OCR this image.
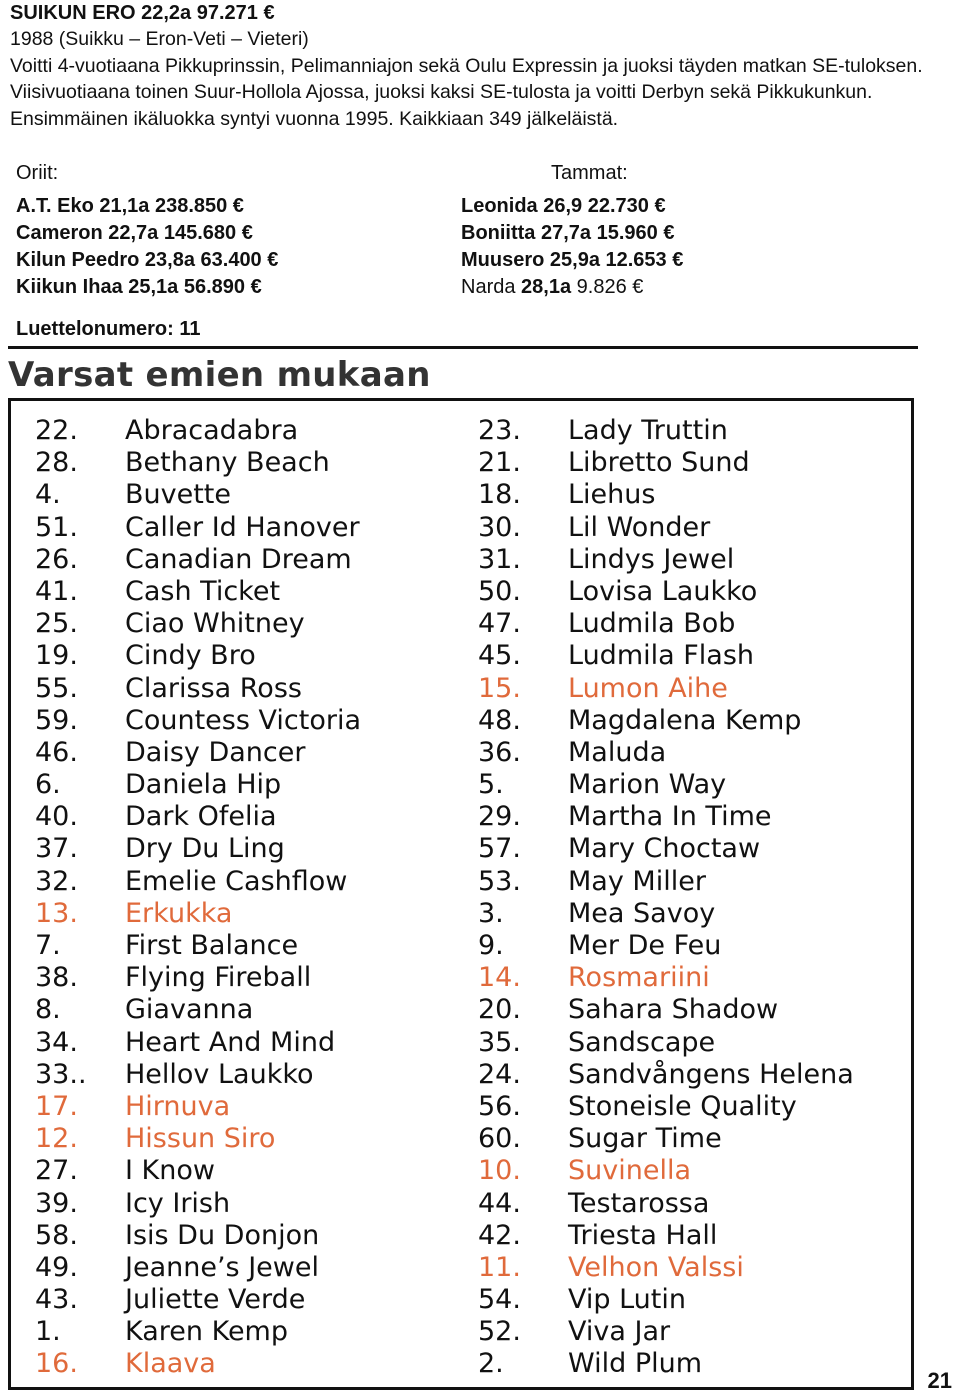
SUIKUN ERO 22,2a 97.271 €

1988 (Suikku – Eron-Veti – Vieteri)

Voitti 4-vuotiaana Pikkuprinssin, Pelimanniajon sekä Oulu Expressin ja juoksi täyden matkan SE-tuloksen. Viisivuotiaana toinen Suur-Hollola Ajossa, juoksi kaksi SE-tulosta ja voitti Derbyn sekä Pikkukunkun. Ensimmäinen ikäluokka syntyi vuonna 1995. Kaikkiaan 349 jälkeläistä.

Oriit:

A.T. Eko 21,1a 238.850 €

Cameron 22,7a 145.680 €

Kilun Peedro 23,8a 63.400 €

Kiikun Ihaa 25,1a 56.890 €

Tammat:

Leonida 26,9 22.730 €

Boniitta 27,7a 15.960 €

Muusero 25,9a 12.653 €

Narda 28,1a 9.826 €

Luettelonumero: 11
Varsat emien mukaan
22.	Abracadabra
28.	Bethany Beach
4.	Buvette
51.	Caller Id Hanover
26.	Canadian Dream
41.	Cash Ticket
25.	Ciao Whitney
19.	Cindy Bro
55.	Clarissa Ross
59.	Countess Victoria
46.	Daisy Dancer
6.	Daniela Hip
40.	Dark Ofelia
37.	Dry Du Ling
32.	Emelie Cashflow
13.	Erkukka
7.	First Balance
38.	Flying Fireball
8.	Giavanna
34.	Heart And Mind
33..	Hellov Laukko
17.	Hirnuva
12.	Hissun Siro
27.	I Know
39.	Icy Irish
58.	Isis Du Donjon
49.	Jeanne’s Jewel
43.	Juliette Verde
1.	Karen Kemp
16.	Klaava
23.	Lady Truttin
21.	Libretto Sund
18.	Liehus
30.	Lil Wonder
31.	Lindys Jewel
50.	Lovisa Laukko
47.	Ludmila Bob
45.	Ludmila Flash
15.	Lumon Aihe
48.	Magdalena Kemp
36.	Maluda
5.	Marion Way
29.	Martha In Time
57.	Mary Choctaw
53.	May Miller
3.	Mea Savoy
9.	Mer De Feu
14.	Rosmariini
20.	Sahara Shadow
35.	Sandscape
24.	Sandvångens Helena
56.	Stoneisle Quality
60.	Sugar Time
10.	Suvinella
44.	Testarossa
42.	Triesta Hall
11.	Velhon Valssi
54.	Vip Lutin
52.	Viva Jar
2.	Wild Plum
21
